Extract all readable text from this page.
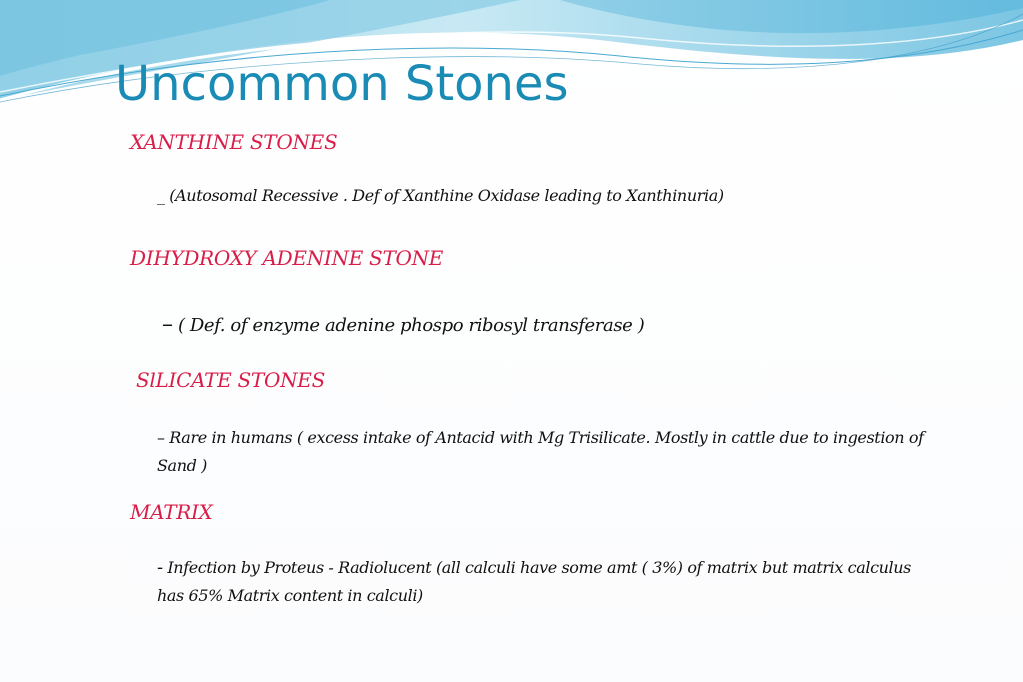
Uncommon Stones
XANTHINE STONES
_ (Autosomal Recessive . Def of Xanthine Oxidase leading to Xanthinuria)
DIHYDROXY ADENINE STONE
– ( Def. of enzyme adenine phospo ribosyl transferase )
SlLICATE STONES
– Rare in humans ( excess intake of Antacid with Mg Trisilicate. Mostly in cattle due to ingestion of Sand )
MATRIX
- Infection by Proteus - Radiolucent (all calculi have some amt ( 3%) of matrix but matrix calculus has 65% Matrix content in calculi)
